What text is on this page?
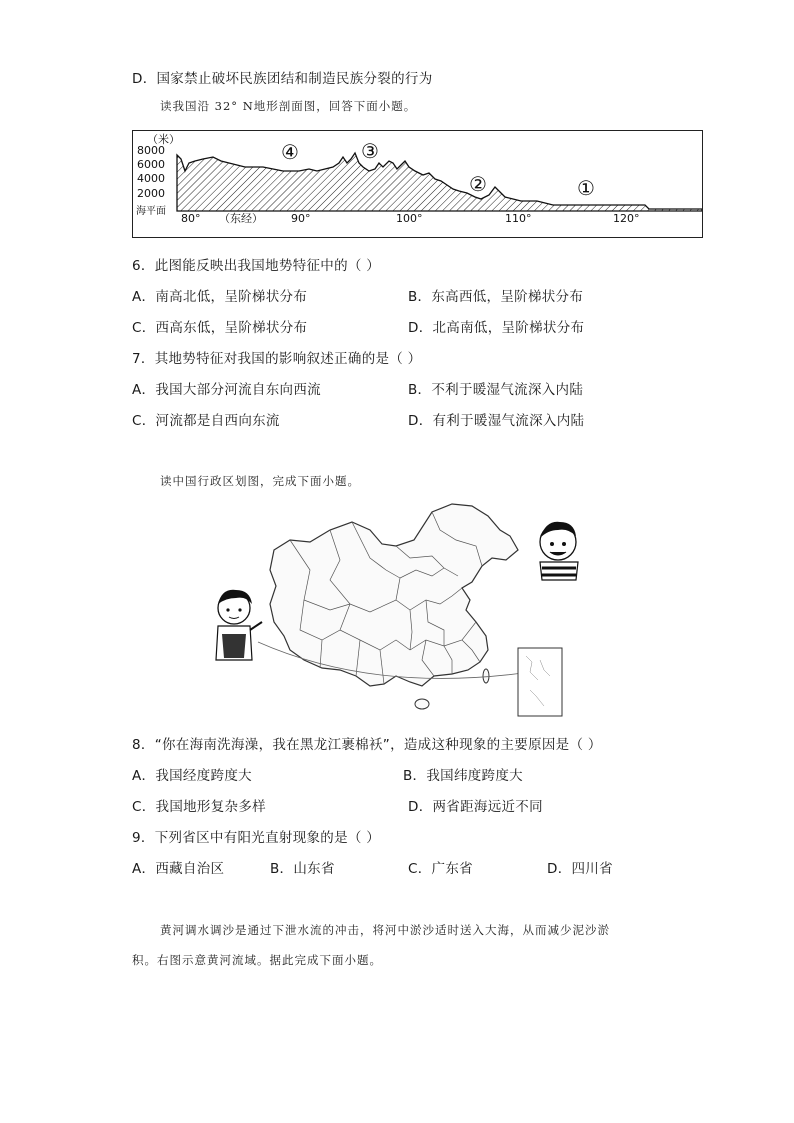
D．国家禁止破坏民族团结和制造民族分裂的行为
读我国沿 32° N地形剖面图，回答下面小题。
（米）
8000
6000
4000
2000
海平面
④	③
②	①
80° （东经）	90°	100°	110°	120°
6．此图能反映出我国地势特征中的（ ）
A．南高北低，呈阶梯状分布	B．东高西低，呈阶梯状分布
C．西高东低，呈阶梯状分布	D．北高南低，呈阶梯状分布
7．其地势特征对我国的影响叙述正确的是（ ）
A．我国大部分河流自东向西流	B．不利于暖湿气流深入内陆
C．河流都是自西向东流	D．有利于暖湿气流深入内陆
读中国行政区划图，完成下面小题。
8．“你在海南洗海澡，我在黑龙江裹棉袄”，造成这种现象的主要原因是（ ）
A．我国经度跨度大	B．我国纬度跨度大
C．我国地形复杂多样	D．两省距海远近不同
9．下列省区中有阳光直射现象的是（ ）
A．西藏自治区	B．山东省	C．广东省	D．四川省
黄河调水调沙是通过下泄水流的冲击，将河中淤沙适时送入大海，从而减少泥沙淤
积。右图示意黄河流域。据此完成下面小题。
